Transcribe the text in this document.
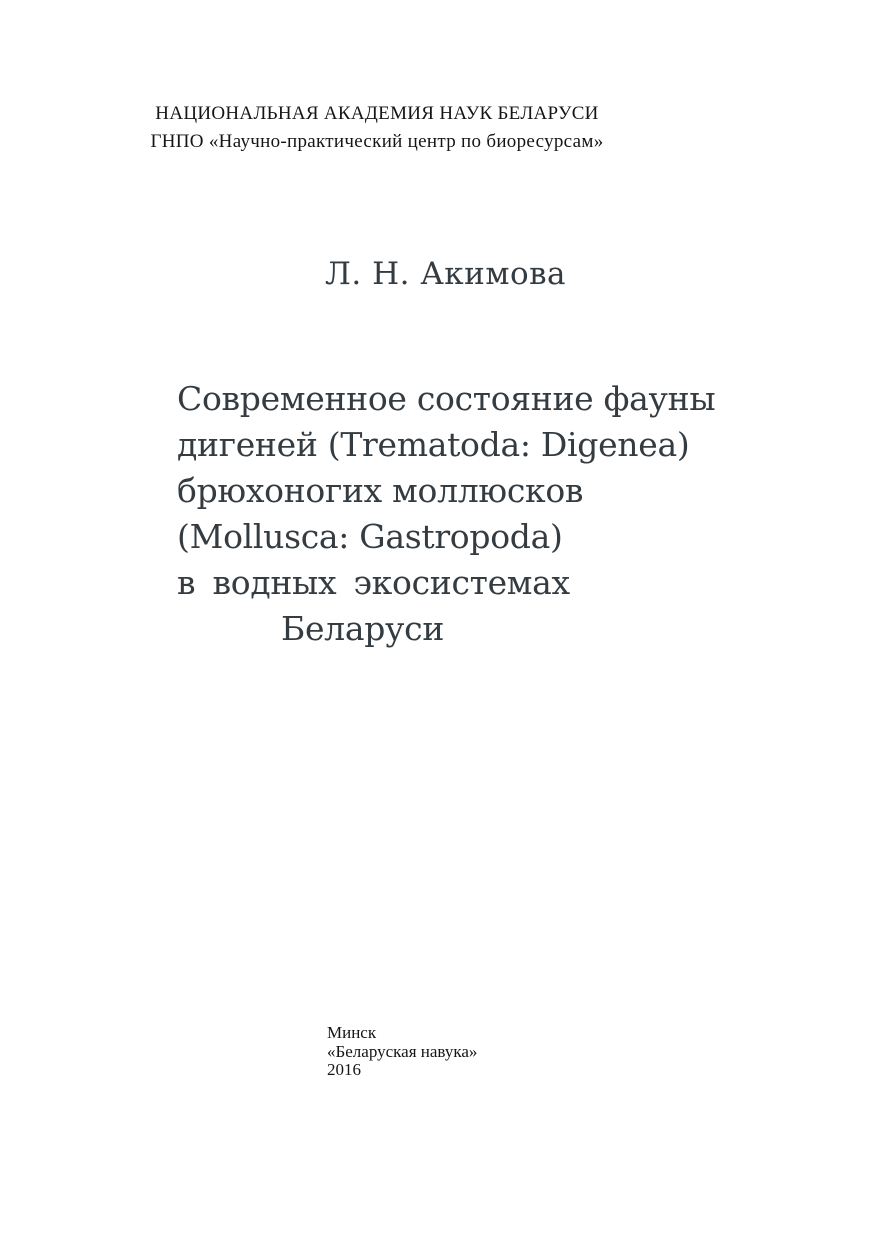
НАЦИОНАЛЬНАЯ АКАДЕМИЯ НАУК БЕЛАРУСИ
ГНПО «Научно-практический центр по биоресурсам»
Л. Н. Акимова
Современное состояние фауны
дигеней (Trematoda: Digenea)
брюхоногих моллюсков
(Mollusca: Gastropoda)
в водных экосистемах
Беларуси
Минск
«Беларуская навука»
2016
